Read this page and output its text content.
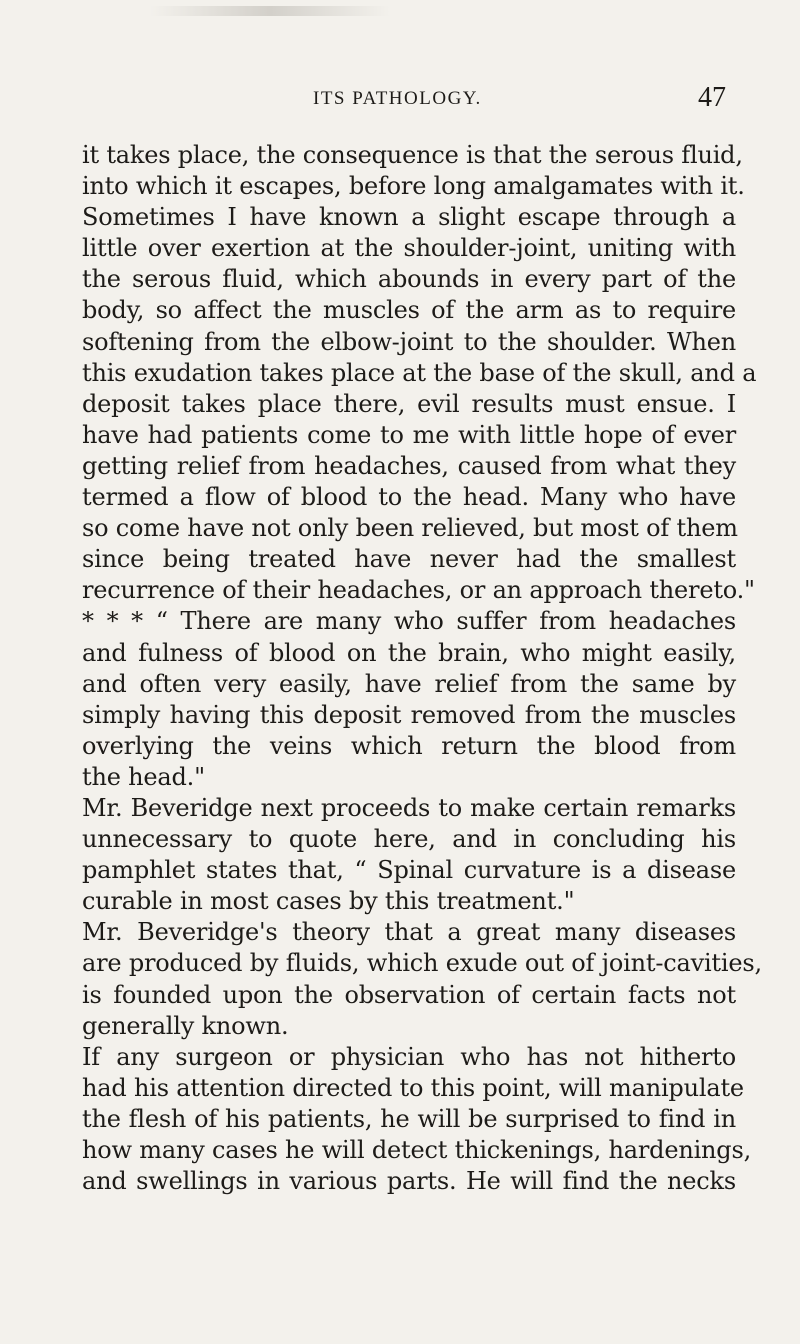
ITS PATHOLOGY.	47
it takes place, the consequence is that the serous fluid,
into which it escapes, before long amalgamates with it.
Sometimes I have known a slight escape through a
little over exertion at the shoulder-joint, uniting with
the serous fluid, which abounds in every part of the
body, so affect the muscles of the arm as to require
softening from the elbow-joint to the shoulder. When
this exudation takes place at the base of the skull, and a
deposit takes place there, evil results must ensue. I
have had patients come to me with little hope of ever
getting relief from headaches, caused from what they
termed a flow of blood to the head. Many who have
so come have not only been relieved, but most of them
since being treated have never had the smallest
recurrence of their headaches, or an approach thereto."
* * * “ There are many who suffer from headaches
and fulness of blood on the brain, who might easily,
and often very easily, have relief from the same by
simply having this deposit removed from the muscles
overlying the veins which return the blood from
the head."
Mr. Beveridge next proceeds to make certain remarks
unnecessary to quote here, and in concluding his
pamphlet states that, “ Spinal curvature is a disease
curable in most cases by this treatment."
Mr. Beveridge's theory that a great many diseases
are produced by fluids, which exude out of joint-cavities,
is founded upon the observation of certain facts not
generally known.
If any surgeon or physician who has not hitherto
had his attention directed to this point, will manipulate
the flesh of his patients, he will be surprised to find in
how many cases he will detect thickenings, hardenings,
and swellings in various parts. He will find the necks
